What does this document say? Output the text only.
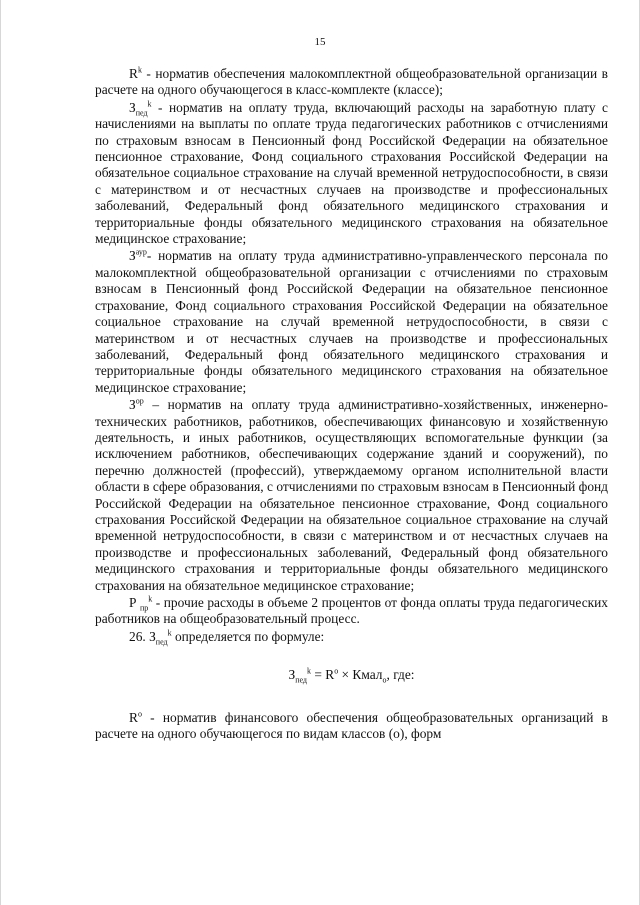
15

$R^k$ - норматив обеспечения малокомплектной общеобразовательной организации в расчете на одного обучающегося в класс-комплекте (классе);

$З_{пед}^k$ - норматив на оплату труда, включающий расходы на заработную плату с начислениями на выплаты по оплате труда педагогических работников с отчислениями по страховым взносам в Пенсионный фонд Российской Федерации на обязательное пенсионное страхование, Фонд социального страхования Российской Федерации на обязательное социальное страхование на случай временной нетрудоспособности, в связи с материнством и от несчастных случаев на производстве и профессиональных заболеваний, Федеральный фонд обязательного медицинского страхования и территориальные фонды обязательного медицинского страхования на обязательное медицинское страхование;

$З^{аур}-$ норматив на оплату труда административно-управленческого персонала по малокомплектной общеобразовательной организации с отчислениями по страховым взносам в Пенсионный фонд Российской Федерации на обязательное пенсионное страхование, Фонд социального страхования Российской Федерации на обязательное социальное страхование на случай временной нетрудоспособности, в связи с материнством и от несчастных случаев на производстве и профессиональных заболеваний, Федеральный фонд обязательного медицинского страхования и территориальные фонды обязательного медицинского страхования на обязательное медицинское страхование;

$З^{ор}$ – норматив на оплату труда административно-хозяйственных, инженерно-технических работников, работников, обеспечивающих финансовую и хозяйственную деятельность, и иных работников, осуществляющих вспомогательные функции (за исключением работников, обеспечивающих содержание зданий и сооружений), по перечню должностей (профессий), утверждаемому органом исполнительной власти области в сфере образования, с отчислениями по страховым взносам в Пенсионный фонд Российской Федерации на обязательное пенсионное страхование, Фонд социального страхования Российской Федерации на обязательное социальное страхование на случай временной нетрудоспособности, в связи с материнством и от несчастных случаев на производстве и профессиональных заболеваний, Федеральный фонд обязательного медицинского страхования и территориальные фонды обязательного медицинского страхования на обязательное медицинское страхование;

Р $_{пр}^k$ - прочие расходы в объеме 2 процентов от фонда оплаты труда педагогических работников на общеобразовательный процесс.

26. $З_{пед}^k$ определяется по формуле:

$З_{пед}^k = R^о$ × Кмал$_о$, где:

$R^о$ - норматив финансового обеспечения общеобразовательных организаций в расчете на одного обучающегося по видам классов (о), форм
